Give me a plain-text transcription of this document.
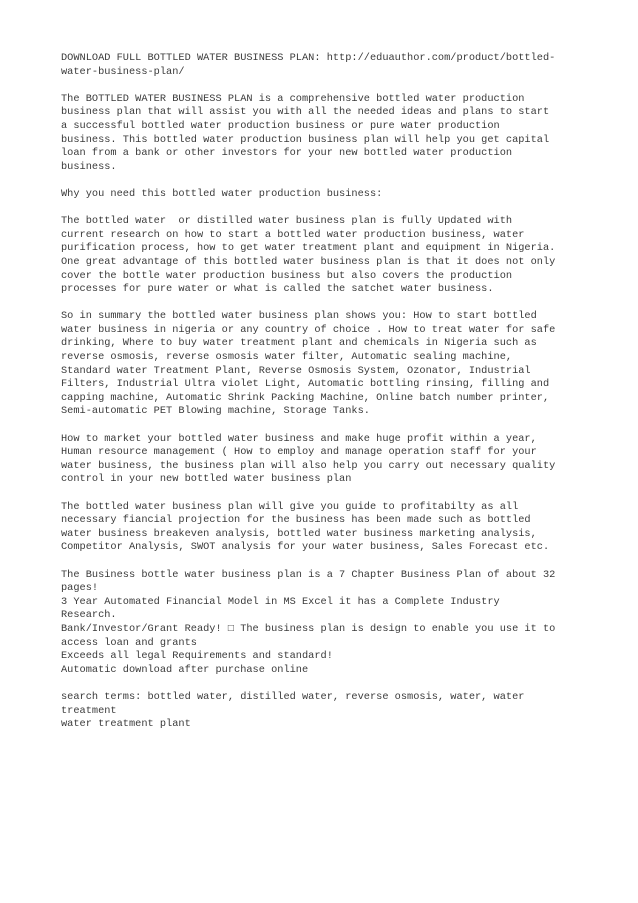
DOWNLOAD FULL BOTTLED WATER BUSINESS PLAN: http://eduauthor.com/product/bottled-
water-business-plan/
The BOTTLED WATER BUSINESS PLAN is a comprehensive bottled water production
business plan that will assist you with all the needed ideas and plans to start
a successful bottled water production business or pure water production
business. This bottled water production business plan will help you get capital
loan from a bank or other investors for your new bottled water production
business.
Why you need this bottled water production business:
The bottled water  or distilled water business plan is fully Updated with
current research on how to start a bottled water production business, water
purification process, how to get water treatment plant and equipment in Nigeria.
One great advantage of this bottled water business plan is that it does not only
cover the bottle water production business but also covers the production
processes for pure water or what is called the satchet water business.
So in summary the bottled water business plan shows you: How to start bottled
water business in nigeria or any country of choice . How to treat water for safe
drinking, Where to buy water treatment plant and chemicals in Nigeria such as
reverse osmosis, reverse osmosis water filter, Automatic sealing machine,
Standard water Treatment Plant, Reverse Osmosis System, Ozonator, Industrial
Filters, Industrial Ultra violet Light, Automatic bottling rinsing, filling and
capping machine, Automatic Shrink Packing Machine, Online batch number printer,
Semi-automatic PET Blowing machine, Storage Tanks.
How to market your bottled water business and make huge profit within a year,
Human resource management ( How to employ and manage operation staff for your
water business, the business plan will also help you carry out necessary quality
control in your new bottled water business plan
The bottled water business plan will give you guide to profitabilty as all
necessary fiancial projection for the business has been made such as bottled
water business breakeven analysis, bottled water business marketing analysis,
Competitor Analysis, SWOT analysis for your water business, Sales Forecast etc.
The Business bottle water business plan is a 7 Chapter Business Plan of about 32
pages!
3 Year Automated Financial Model in MS Excel it has a Complete Industry
Research.
Bank/Investor/Grant Ready! □ The business plan is design to enable you use it to
access loan and grants
Exceeds all legal Requirements and standard!
Automatic download after purchase online
search terms: bottled water, distilled water, reverse osmosis, water, water
treatment
water treatment plant
